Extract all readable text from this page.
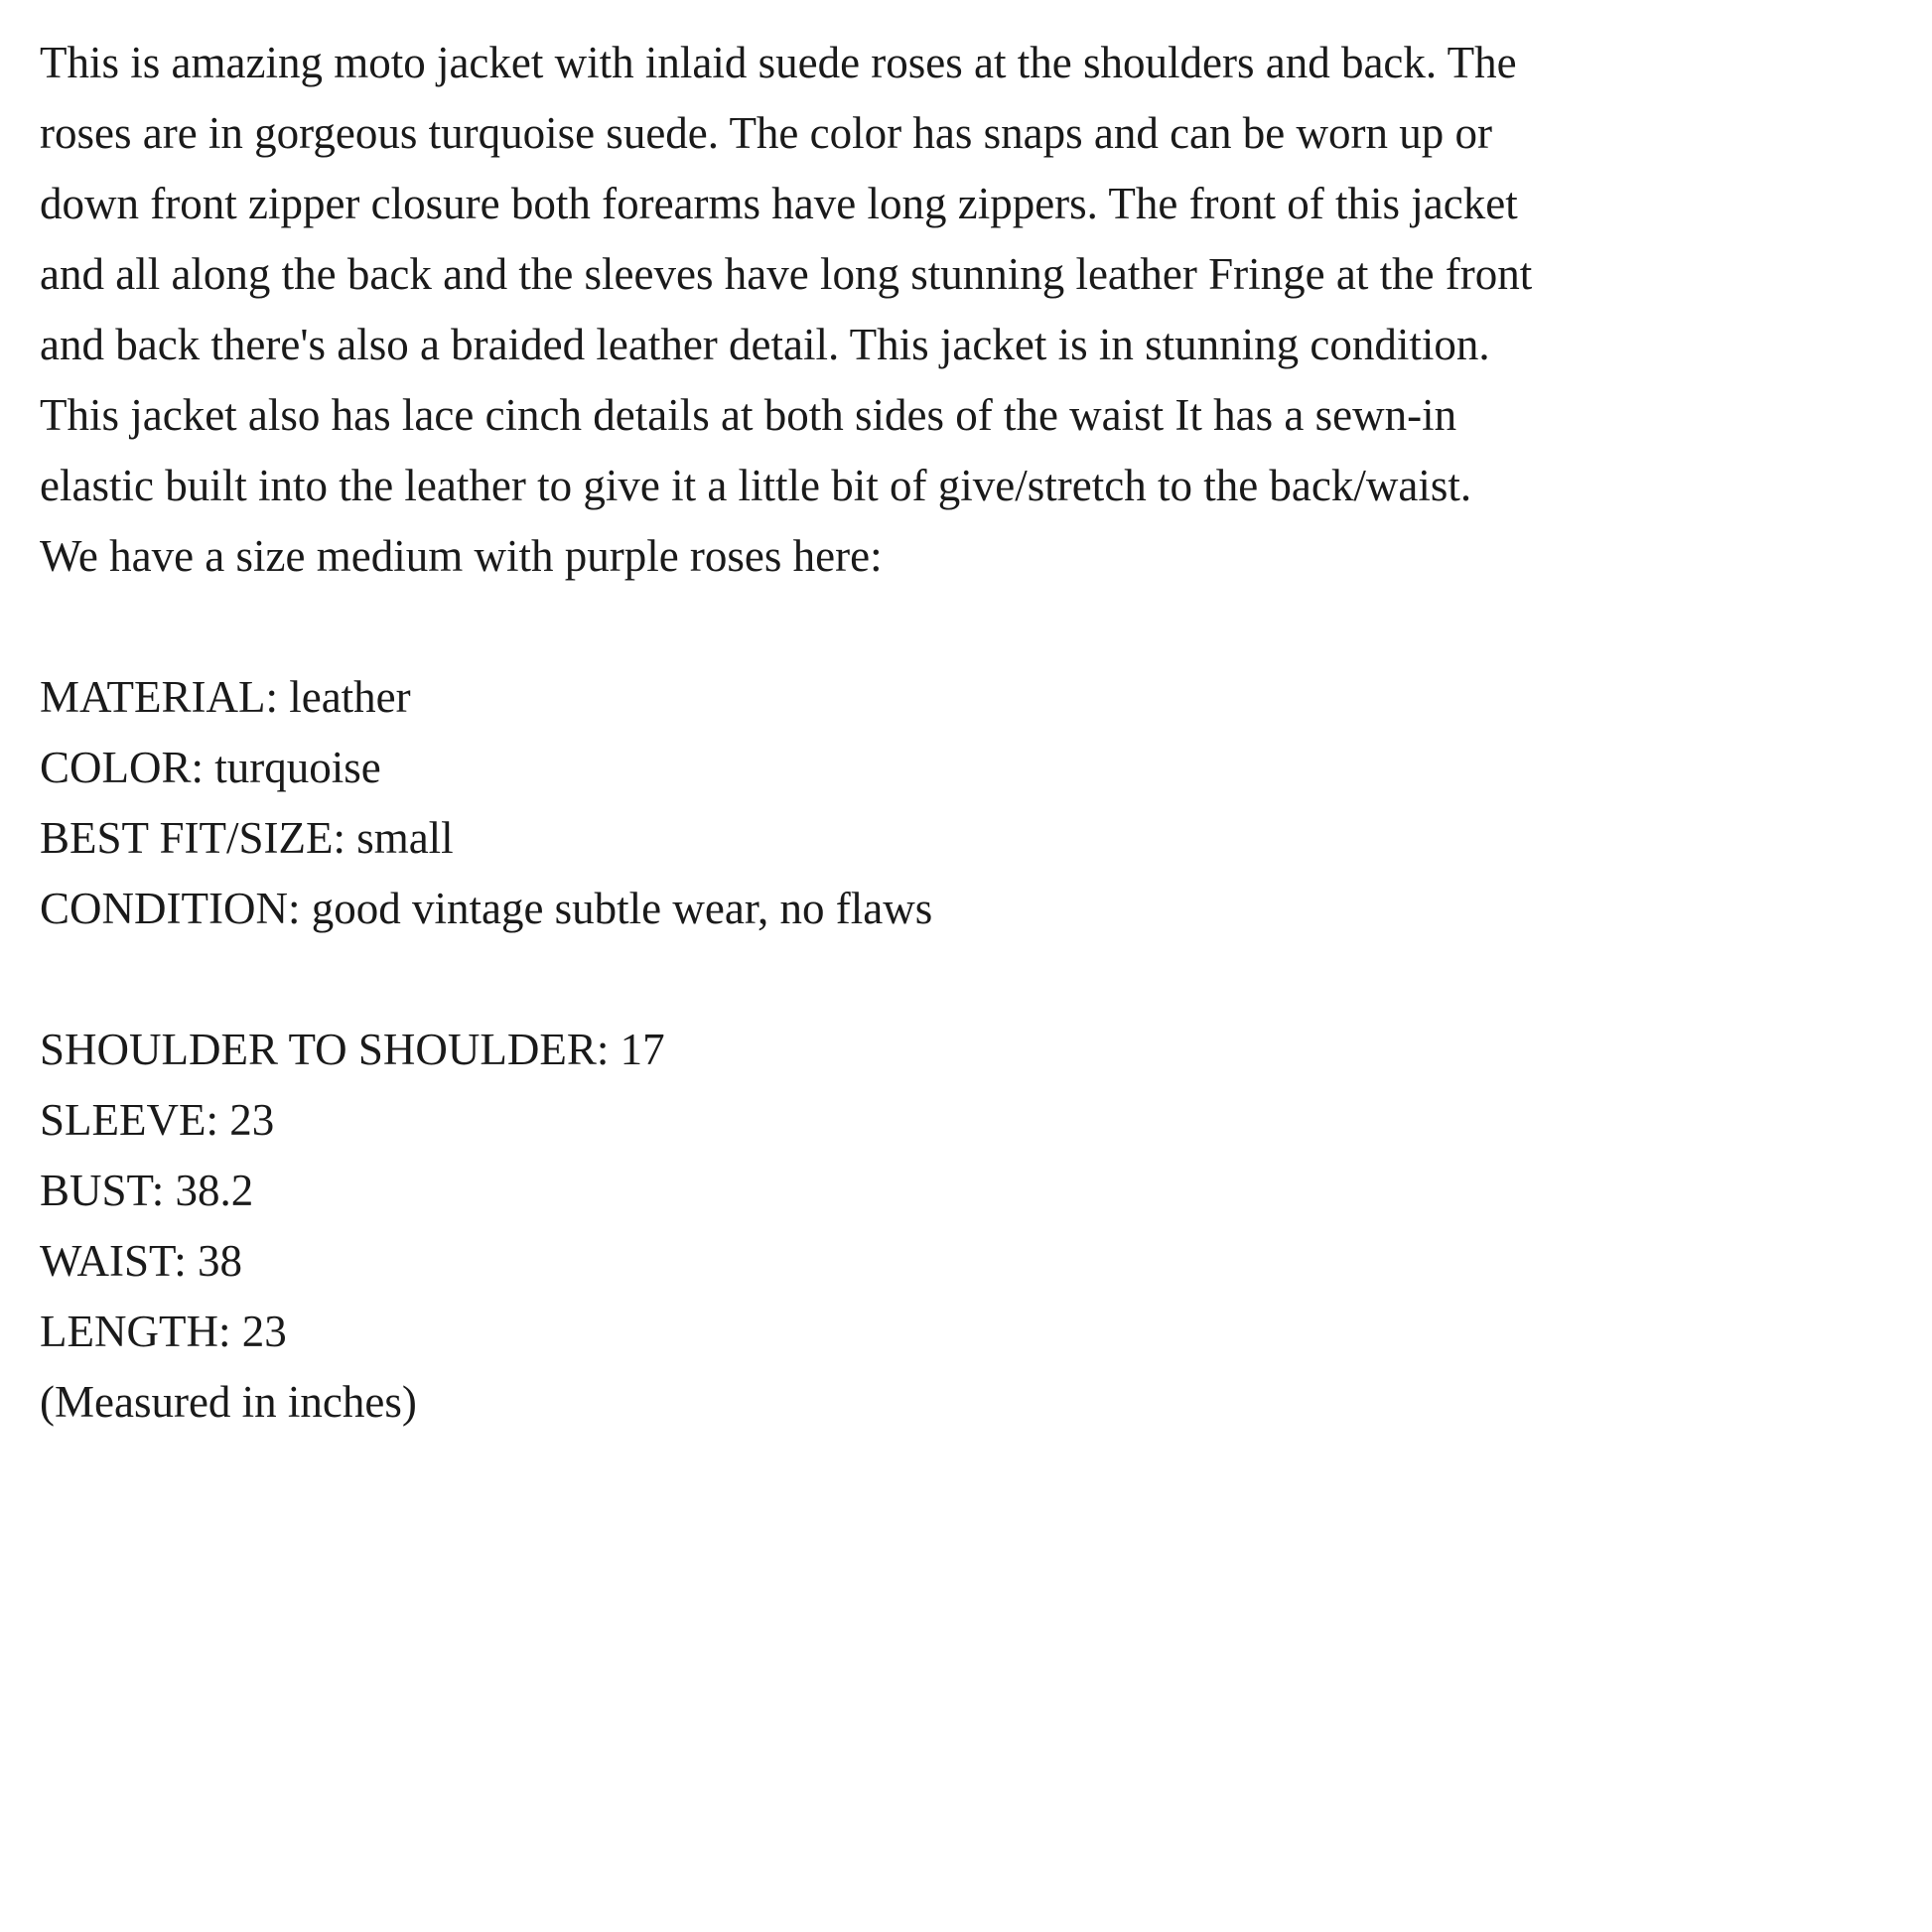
This is amazing moto jacket with inlaid suede roses at the shoulders and back. The
roses are in gorgeous turquoise suede. The color has snaps and can be worn up or
down front zipper closure both forearms have long zippers. The front of this jacket
and all along the back and the sleeves have long stunning leather Fringe at the front
and back there's also a braided leather detail. This jacket is in stunning condition.
This jacket also has lace cinch details at both sides of the waist It has a sewn-in
elastic built into the leather to give it a little bit of give/stretch to the back/waist.
We have a size medium with purple roses here:
MATERIAL: leather
COLOR: turquoise
BEST FIT/SIZE: small
CONDITION: good vintage subtle wear, no flaws
SHOULDER TO SHOULDER: 17
SLEEVE: 23
BUST: 38.2
WAIST: 38
LENGTH: 23
(Measured in inches)
